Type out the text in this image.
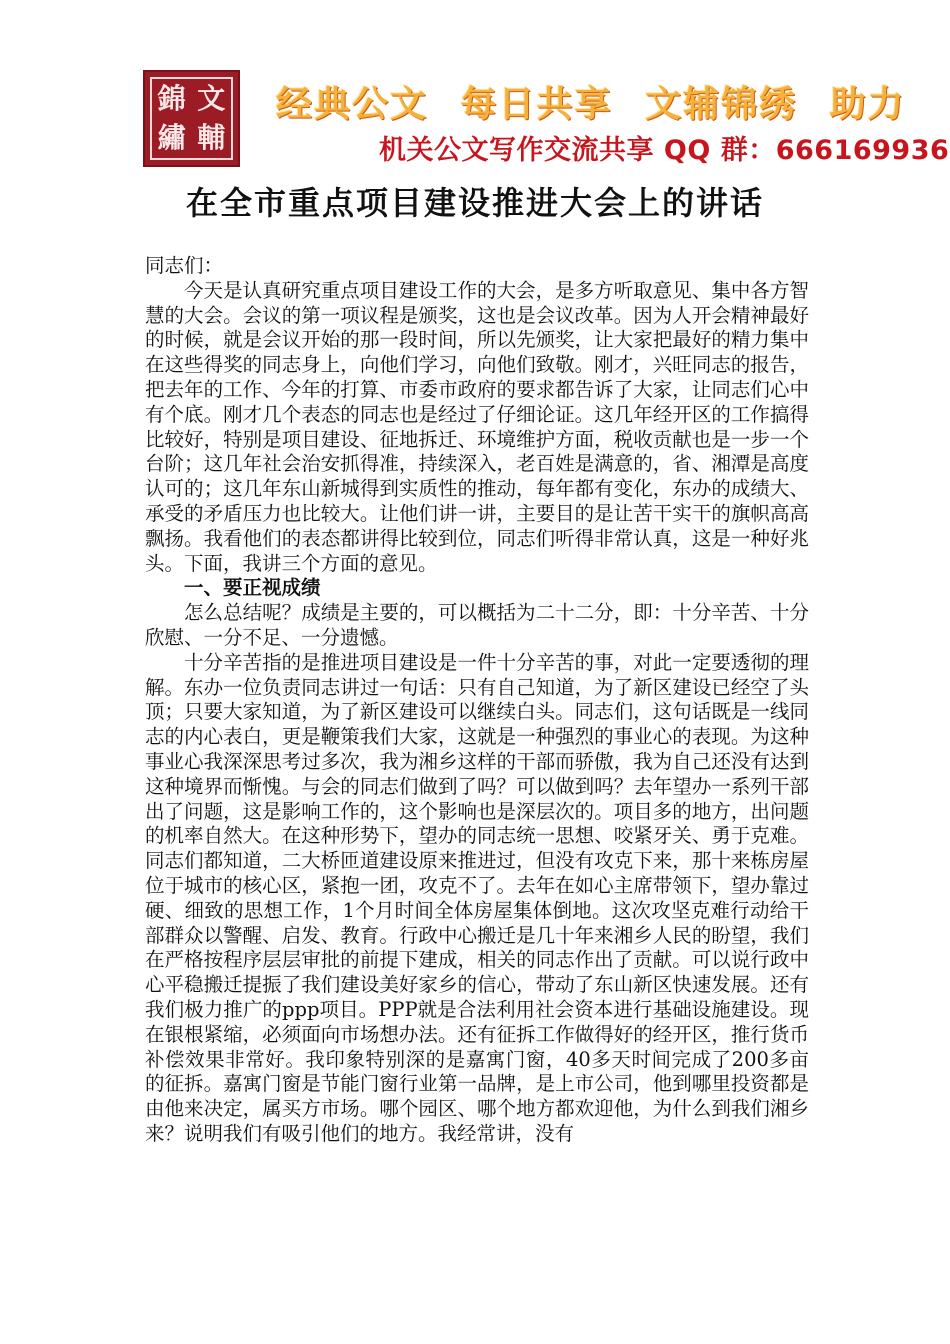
錦 文
繡 輔
经典公文 每日共享 文辅锦绣 助力
机关公文写作交流共享 QQ 群：666169936
在全市重点项目建设推进大会上的讲话

同志们：

今天是认真研究重点项目建设工作的大会，是多方听取意见、集中各方智慧的大会。会议的第一项议程是颁奖，这也是会议改革。因为人开会精神最好的时候，就是会议开始的那一段时间，所以先颁奖，让大家把最好的精力集中在这些得奖的同志身上，向他们学习，向他们致敬。刚才，兴旺同志的报告，把去年的工作、今年的打算、市委市政府的要求都告诉了大家，让同志们心中有个底。刚才几个表态的同志也是经过了仔细论证。这几年经开区的工作搞得比较好，特别是项目建设、征地拆迁、环境维护方面，税收贡献也是一步一个台阶；这几年社会治安抓得准，持续深入，老百姓是满意的，省、湘潭是高度认可的；这几年东山新城得到实质性的推动，每年都有变化，东办的成绩大、承受的矛盾压力也比较大。让他们讲一讲，主要目的是让苦干实干的旗帜高高飘扬。我看他们的表态都讲得比较到位，同志们听得非常认真，这是一种好兆头。下面，我讲三个方面的意见。

一、要正视成绩

怎么总结呢？成绩是主要的，可以概括为二十二分，即：十分辛苦、十分欣慰、一分不足、一分遗憾。

十分辛苦指的是推进项目建设是一件十分辛苦的事，对此一定要透彻的理解。东办一位负责同志讲过一句话：只有自己知道，为了新区建设已经空了头顶；只要大家知道，为了新区建设可以继续白头。同志们，这句话既是一线同志的内心表白，更是鞭策我们大家，这就是一种强烈的事业心的表现。为这种事业心我深深思考过多次，我为湘乡这样的干部而骄傲，我为自己还没有达到这种境界而惭愧。与会的同志们做到了吗？可以做到吗？去年望办一系列干部出了问题，这是影响工作的，这个影响也是深层次的。项目多的地方，出问题的机率自然大。在这种形势下，望办的同志统一思想、咬紧牙关、勇于克难。同志们都知道，二大桥匝道建设原来推进过，但没有攻克下来，那十来栋房屋位于城市的核心区，紧抱一团，攻克不了。去年在如心主席带领下，望办靠过硬、细致的思想工作，1个月时间全体房屋集体倒地。这次攻坚克难行动给干部群众以警醒、启发、教育。行政中心搬迁是几十年来湘乡人民的盼望，我们在严格按程序层层审批的前提下建成，相关的同志作出了贡献。可以说行政中心平稳搬迁提振了我们建设美好家乡的信心，带动了东山新区快速发展。还有我们极力推广的ppp项目。PPP就是合法利用社会资本进行基础设施建设。现在银根紧缩，必须面向市场想办法。还有征拆工作做得好的经开区，推行货币补偿效果非常好。我印象特别深的是嘉寓门窗，40多天时间完成了200多亩的征拆。嘉寓门窗是节能门窗行业第一品牌，是上市公司，他到哪里投资都是由他来决定，属买方市场。哪个园区、哪个地方都欢迎他，为什么到我们湘乡来？说明我们有吸引他们的地方。我经常讲，没有
